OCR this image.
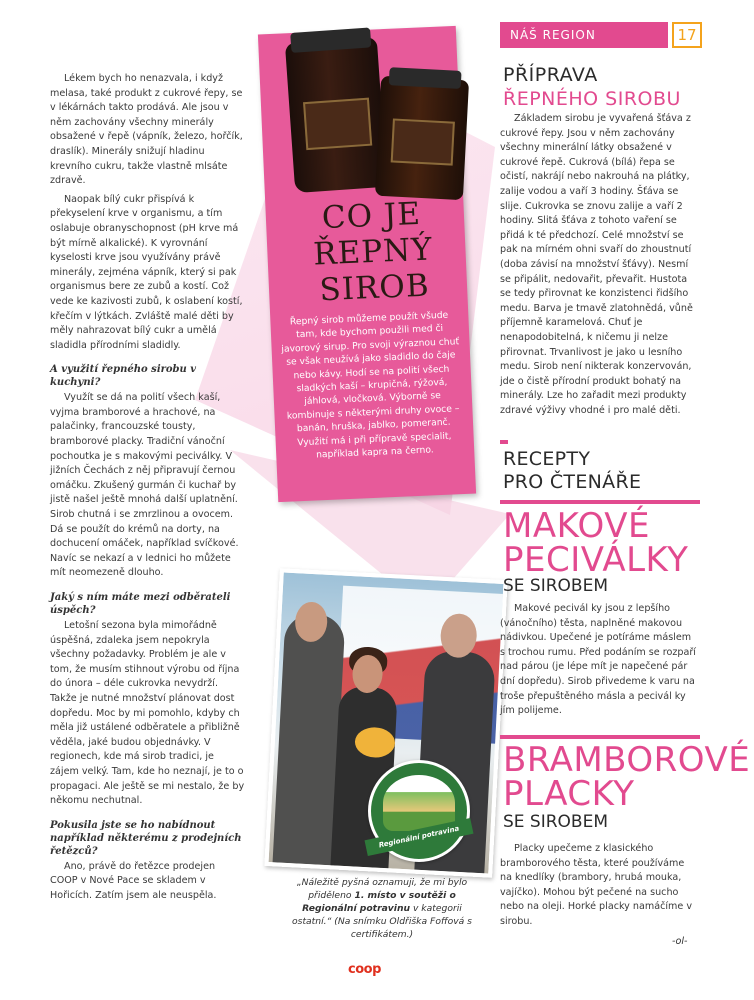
NÁŠ REGION	17

Lékem bych ho nenazvala, i když melasa, také produkt z cukrové řepy, se v lékárnách takto prodává. Ale jsou v něm zachovány všechny minerály obsažené v řepě (vápník, železo, hořčík, draslík). Minerály snižují hladinu krevního cukru, takže vlastně mlsáte zdravě.

Naopak bílý cukr přispívá k překyselení krve v organismu, a tím oslabuje obranyschopnost (pH krve má být mírně alkalické). K vyrovnání kyselosti krve jsou využívány právě minerály, zejména vápník, který si pak organismus bere ze zubů a kostí. Což vede ke kazivosti zubů, k oslabení kostí, křečím v lýtkách. Zvláště malé děti by měly nahrazovat bílý cukr a umělá sladidla přírodními sladidly.

A využití řepného sirobu v kuchyni?

Využít se dá na polití všech kaší, vyjma bramborové a hrachové, na palačinky, francouzské tousty, bramborové placky. Tradiční vánoční pochoutka je s makovými peciválky. V jižních Čechách z něj připravují černou omáčku. Zkušený gurmán či kuchař by jistě našel ještě mnohá další uplatnění. Sirob chutná i se zmrzlinou a ovocem. Dá se použít do krémů na dorty, na dochucení omáček, například svíčkové. Navíc se nekazí a v lednici ho můžete mít neomezeně dlouho.

Jaký s ním máte mezi odběrateli úspěch?

Letošní sezona byla mimořádně úspěšná, zdaleka jsem nepokryla všechny požadavky. Problém je ale v tom, že musím stihnout výrobu od října do února – déle cukrovka nevydrží. Takže je nutné množství plánovat dost dopředu. Moc by mi pomohlo, kdyby ch měla již ustálené odběratele a přibližně věděla, jaké budou objednávky. V regionech, kde má sirob tradici, je zájem velký. Tam, kde ho neznají, je to o propagaci. Ale ještě se mi nestalo, že by někomu nechutnal.

Pokusila jste se ho nabídnout například některému z prodejních řetězců?

Ano, právě do řetězce prodejen COOP v Nové Pace se skladem v Hořicích. Zatím jsem ale neuspěla.

CO JE
ŘEPNÝ
SIROB
Řepný sirob můžeme použít všude tam, kde bychom použili med či javorový sirup. Pro svoji výraznou chuť se však neužívá jako sladidlo do čaje nebo kávy. Hodí se na polití všech sladkých kaší – krupičná, rýžová, jáhlová, vločková. Výborně se kombinuje s některými druhy ovoce – banán, hruška, jablko, pomeranč. Využití má i při přípravě specialit, například kapra na černo.
Regionální potravina
„Náležitě pyšná oznamuji, že mi bylo přiděleno 1. místo v soutěži o Regionální potravinu v kategorii ostatní.“ (Na snímku Oldřiška Foffová s certifikátem.)
PŘÍPRAVA
ŘEPNÉHO SIROBU

Základem sirobu je vyvařená šťáva z cukrové řepy. Jsou v něm zachovány všechny minerální látky obsažené v cukrové řepě. Cukrová (bílá) řepa se očistí, nakrájí nebo nakrouhá na plátky, zalije vodou a vaří 3 hodiny. Šťáva se slije. Cukrovka se znovu zalije a vaří 2 hodiny. Slitá šťáva z tohoto vaření se přidá k té předchozí. Celé množství se pak na mírném ohni svaří do zhoustnutí (doba závisí na množství šťávy). Nesmí se připálit, nedovařit, převařit. Hustota se tedy přirovnat ke konzistenci řidšího medu. Barva je tmavě zlatohnědá, vůně příjemně karamelová. Chuť je nenapodobitelná, k ničemu ji nelze přirovnat. Trvanlivost je jako u lesního medu. Sirob není nikterak konzervován, jde o čistě přírodní produkt bohatý na minerály. Lze ho zařadit mezi produkty zdravé výživy vhodné i pro malé děti.

RECEPTY
PRO ČTENÁŘE
MAKOVÉ
PECIVÁLKY
SE SIROBEM

Makové pecivál ky jsou z lepšího (vánočního) těsta, naplněné makovou nádivkou. Upečené je potíráme máslem s trochou rumu. Před podáním se rozpaří nad párou (je lépe mít je napečené pár dní dopředu). Sirob přivedeme k varu na troše přepuštěného másla a pecivál ky jím polijeme.

BRAMBOROVÉ
PLACKY
SE SIROBEM

Placky upečeme z klasického bramborového těsta, které používáme na knedlíky (brambory, hrubá mouka, vajíčko). Mohou být pečené na sucho nebo na oleji. Horké placky namáčíme v sirobu.

-ol-
coop
